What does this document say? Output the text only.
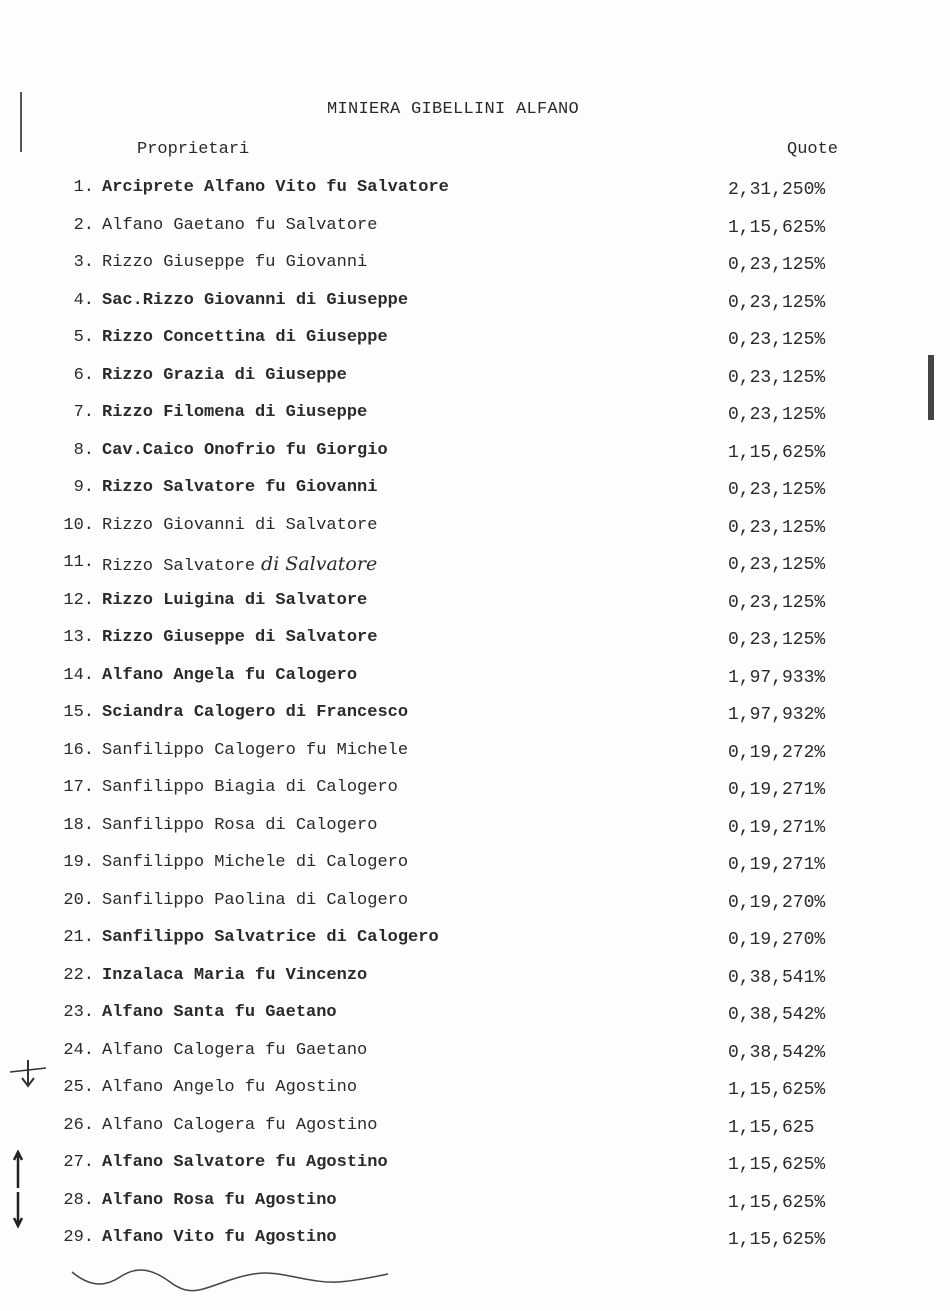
MINIERA GIBELLINI ALFANO
Proprietari	Quote
1. Arciprete Alfano Vito fu Salvatore	2,31,250%
2. Alfano Gaetano fu Salvatore	1,15,625%
3. Rizzo Giuseppe fu Giovanni	0,23,125%
4. Sac.Rizzo Giovanni di Giuseppe	0,23,125%
5. Rizzo Concettina di Giuseppe	0,23,125%
6. Rizzo Grazia di Giuseppe	0,23,125%
7. Rizzo Filomena di Giuseppe	0,23,125%
8. Cav.Caico Onofrio fu Giorgio	1,15,625%
9. Rizzo Salvatore fu Giovanni	0,23,125%
10. Rizzo Giovanni di Salvatore	0,23,125%
11. Rizzo Salvatore di Salvatore	0,23,125%
12. Rizzo Luigina di Salvatore	0,23,125%
13. Rizzo Giuseppe di Salvatore	0,23,125%
14. Alfano Angela fu Calogero	1,97,933%
15. Sciandra Calogero di Francesco	1,97,932%
16. Sanfilippo Calogero fu Michele	0,19,272%
17. Sanfilippo Biagia di Calogero	0,19,271%
18. Sanfilippo Rosa di Calogero	0,19,271%
19. Sanfilippo Michele di Calogero	0,19,271%
20. Sanfilippo Paolina di Calogero	0,19,270%
21. Sanfilippo Salvatrice di Calogero	0,19,270%
22. Inzalaca Maria fu Vincenzo	0,38,541%
23. Alfano Santa fu Gaetano	0,38,542%
24. Alfano Calogera fu Gaetano	0,38,542%
25. Alfano Angelo fu Agostino	1,15,625%
26. Alfano Calogera fu Agostino	1,15,625
27. Alfano Salvatore fu Agostino	1,15,625%
28. Alfano Rosa fu Agostino	1,15,625%
29. Alfano Vito fu Agostino	1,15,625%
